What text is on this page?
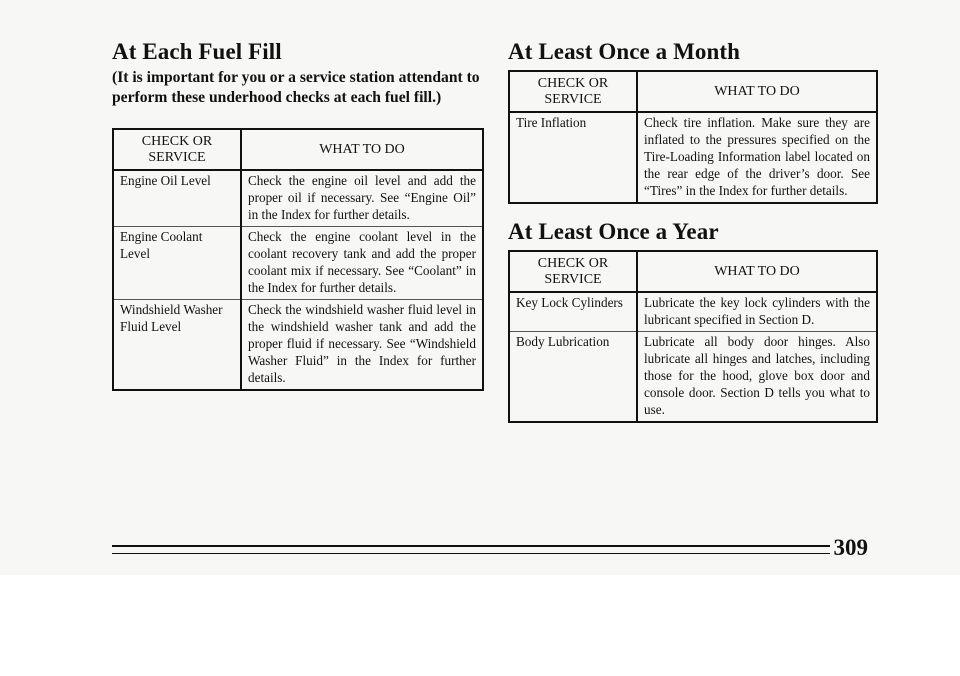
At Each Fuel Fill

(It is important for you or a service station attendant to perform these underhood checks at each fuel fill.)

CHECK OR SERVICE	WHAT TO DO
Engine Oil Level	Check the engine oil level and add the proper oil if necessary. See “Engine Oil” in the Index for further details.
Engine Coolant Level	Check the engine coolant level in the coolant recovery tank and add the proper coolant mix if necessary. See “Coolant” in the Index for further details.
Windshield Washer Fluid Level	Check the windshield washer fluid level in the windshield washer tank and add the proper fluid if necessary. See “Windshield Washer Fluid” in the Index for further details.
At Least Once a Month
CHECK OR SERVICE	WHAT TO DO
Tire Inflation	Check tire inflation. Make sure they are inflated to the pressures specified on the Tire-Loading Information label located on the rear edge of the driver’s door. See “Tires” in the Index for further details.
At Least Once a Year
CHECK OR SERVICE	WHAT TO DO
Key Lock Cylinders	Lubricate the key lock cylinders with the lubricant specified in Section D.
Body Lubrication	Lubricate all body door hinges. Also lubricate all hinges and latches, including those for the hood, glove box door and console door. Section D tells you what to use.
309
